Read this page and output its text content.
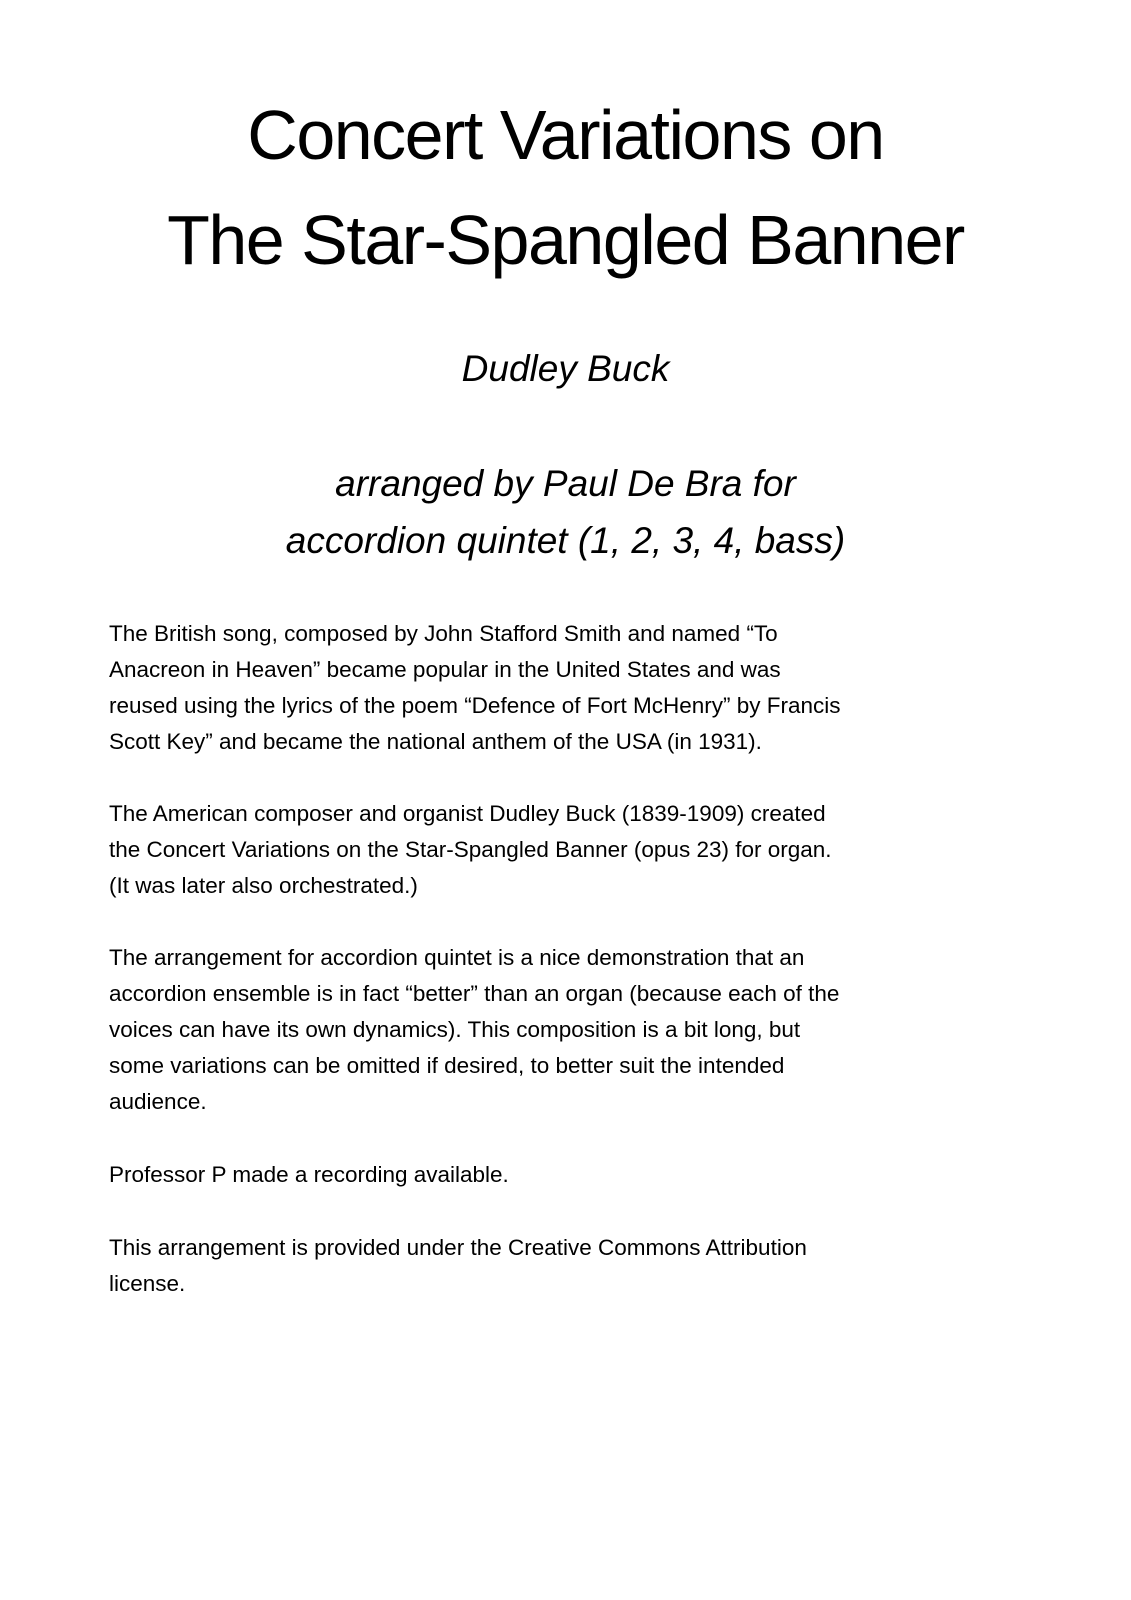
Concert Variations on
The Star-Spangled Banner
Dudley Buck
arranged by Paul De Bra for
accordion quintet (1, 2, 3, 4, bass)
The British song, composed by John Stafford Smith and named “To
Anacreon in Heaven” became popular in the United States and was
reused using the lyrics of the poem “Defence of Fort McHenry” by Francis
Scott Key” and became the national anthem of the USA (in 1931).
The American composer and organist Dudley Buck (1839-1909) created
the Concert Variations on the Star-Spangled Banner (opus 23) for organ.
(It was later also orchestrated.)
The arrangement for accordion quintet is a nice demonstration that an
accordion ensemble is in fact “better” than an organ (because each of the
voices can have its own dynamics). This composition is a bit long, but
some variations can be omitted if desired, to better suit the intended
audience.
Professor P made a recording available.
This arrangement is provided under the Creative Commons Attribution
license.
